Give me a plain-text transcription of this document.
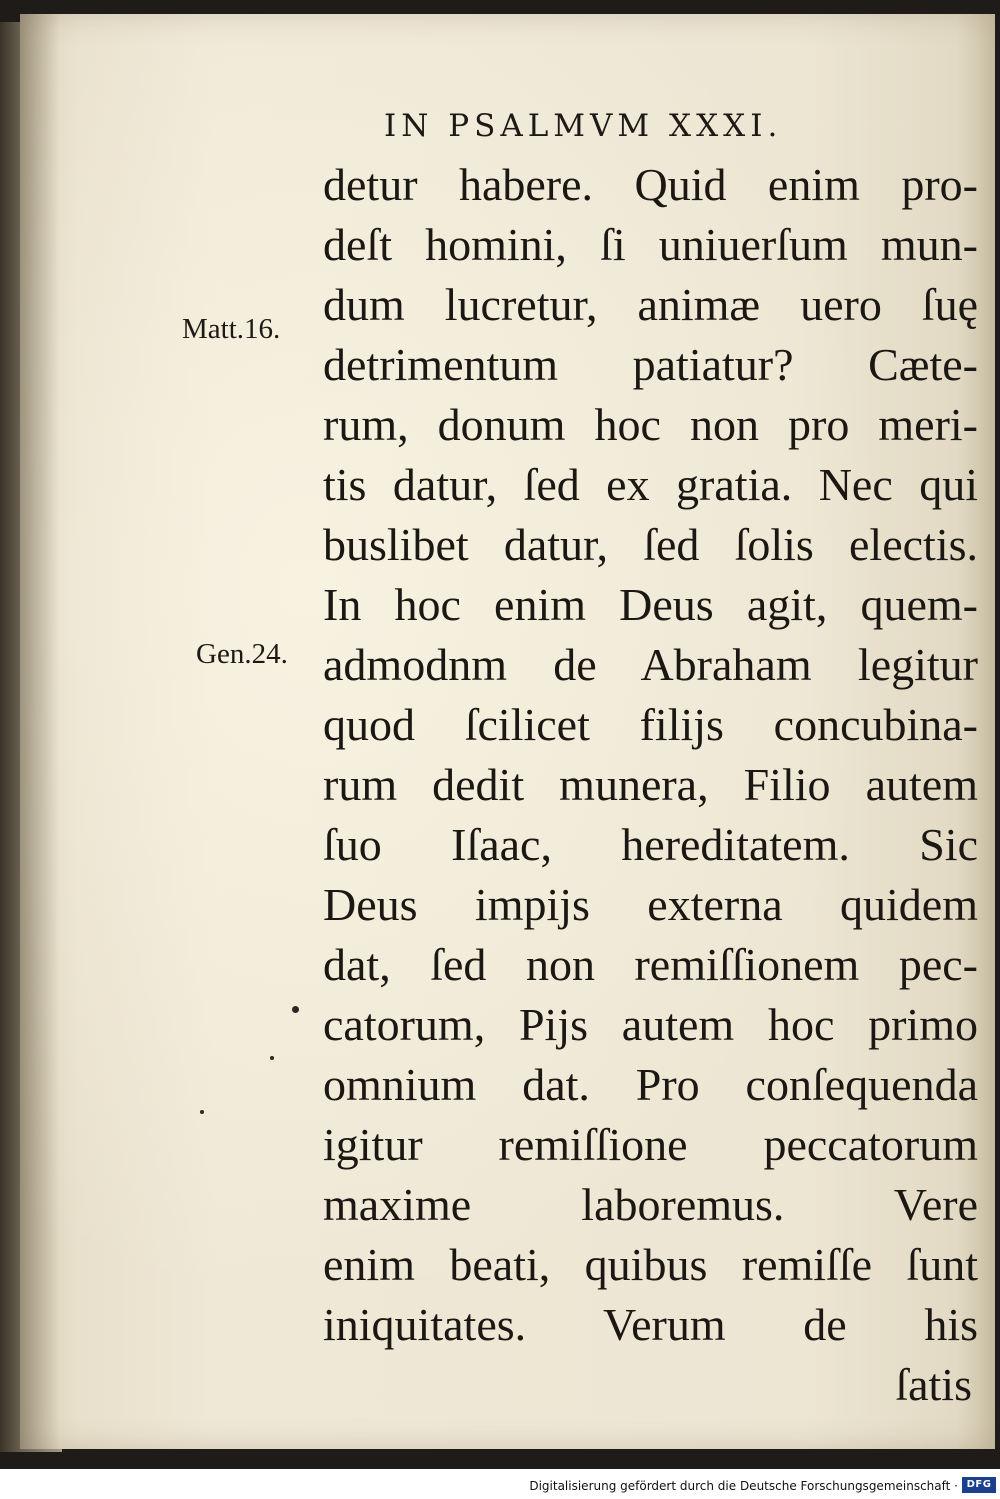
IN PSALMVM XXXI.
Matt.16.
Gen.24.
detur habere. Quid enim pro-
deſt homini, ſi uniuerſum mun-
dum lucretur, animæ uero ſuę
detrimentum patiatur? Cæte-
rum, donum hoc non pro meri-
tis datur, ſed ex gratia. Nec qui
buslibet datur, ſed ſolis electis.
In hoc enim Deus agit, quem-
admodnm de Abraham legitur
quod ſcilicet filijs concubina-
rum dedit munera, Filio autem
ſuo Iſaac, hereditatem. Sic
Deus impijs externa quidem
dat, ſed non remiſſionem pec-
catorum, Pijs autem hoc primo
omnium dat. Pro conſequenda
igitur remiſſione peccatorum
maxime laboremus. Vere
enim beati, quibus remiſſe ſunt
iniquitates. Verum de his
ſatis
Digitalisierung gefördert durch die Deutsche Forschungsgemeinschaft · DFG
